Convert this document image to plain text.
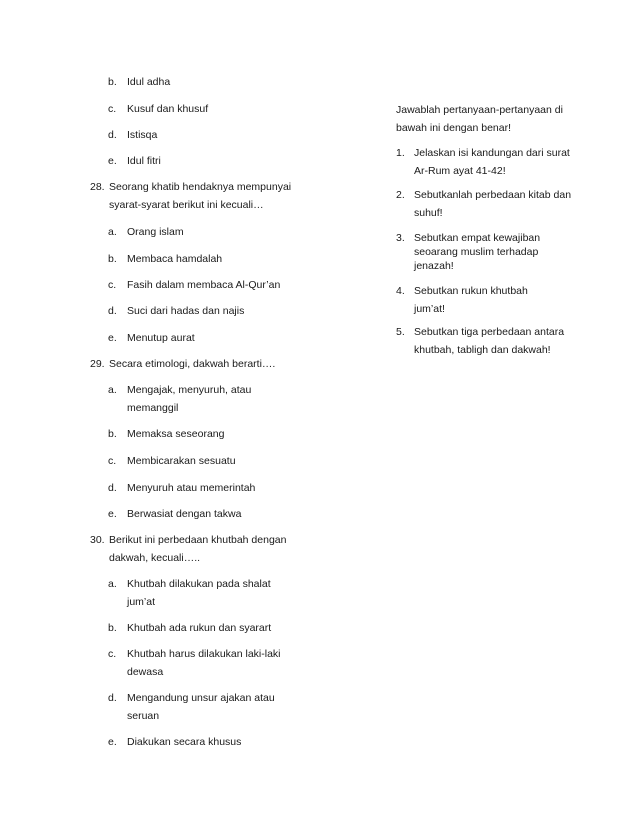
b. Idul adha
c. Kusuf dan khusuf
d. Istisqa
e. Idul fitri
28. Seorang khatib hendaknya mempunyai syarat-syarat berikut ini kecuali…
a. Orang islam
b. Membaca hamdalah
c. Fasih dalam membaca Al-Qur’an
d. Suci dari hadas dan najis
e. Menutup aurat
29. Secara etimologi, dakwah berarti….
a. Mengajak, menyuruh, atau memanggil
b. Memaksa seseorang
c. Membicarakan sesuatu
d. Menyuruh atau memerintah
e. Berwasiat dengan takwa
30. Berikut ini perbedaan khutbah dengan dakwah, kecuali…..
a. Khutbah dilakukan pada shalat jum’at
b. Khutbah ada rukun dan syarart
c. Khutbah harus dilakukan laki-laki dewasa
d. Mengandung unsur ajakan atau seruan
e. Diakukan secara khusus
Jawablah pertanyaan-pertanyaan di bawah ini dengan benar!
1. Jelaskan isi kandungan dari surat Ar-Rum ayat 41-42!
2. Sebutkanlah perbedaan kitab dan suhuf!
3. Sebutkan empat kewajiban seoarang muslim terhadap jenazah!
4. Sebutkan rukun khutbah jum’at!
5. Sebutkan tiga perbedaan antara khutbah, tabligh dan dakwah!
